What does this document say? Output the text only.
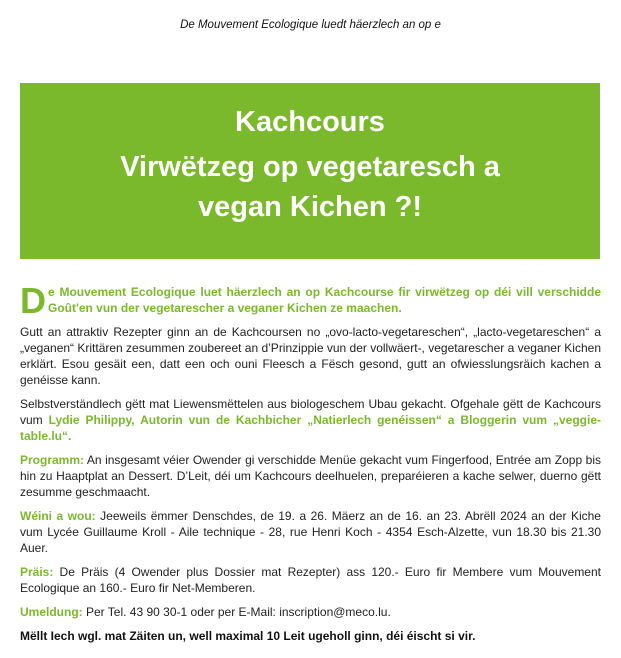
De Mouvement Ecologique luedt häerzlech an op e
Kachcours
Virwëtzeg op vegetaresch a
vegan Kichen ?!

De Mouvement Ecologique luet häerzlech an op Kachcourse fir virwëtzeg op déi vill verschidde Goût'en vun der vegetarescher a veganer Kichen ze maachen.

Gutt an attraktiv Rezepter ginn an de Kachcoursen no „ovo-lacto-vegetareschen“, „lacto-vegetareschen“ a „veganen“ Krittären zesummen zoubereet an d’Prinzippie vun der vollwäert-, vegetarescher a veganer Kichen erklärt. Esou gesäit een, datt een och ouni Fleesch a Fësch gesond, gutt an ofwiesslungsräich kachen a genéisse kann.

Selbstverständlech gëtt mat Liewensmëttelen aus biologeschem Ubau gekacht. Ofgehale gëtt de Kachcours vum Lydie Philippy, Autorin vun de Kachbicher „Natierlech genéissen“ a Bloggerin vum „veggie-table.lu“.

Programm: An insgesamt véier Owender gi verschidde Menüe gekacht vum Fingerfood, Entrée am Zopp bis hin zu Haaptplat an Dessert. D’Leit, déi um Kachcours deelhuelen, preparéieren a kache selwer, duerno gëtt zesumme geschmaacht.

Wéini a wou: Jeeweils ëmmer Denschdes, de 19. a 26. Mäerz an de 16. an 23. Abrëll 2024 an der Kiche vum Lycée Guillaume Kroll - Aile technique - 28, rue Henri Koch - 4354 Esch-Alzette, vun 18.30 bis 21.30 Auer.

Präis: De Präis (4 Owender plus Dossier mat Rezepter) ass 120.- Euro fir Membere vum Mouvement Ecologique an 160.- Euro fir Net-Memberen.

Umeldung: Per Tel. 43 90 30-1 oder per E-Mail: inscription@meco.lu.

Mëllt Iech wgl. mat Zäiten un, well maximal 10 Leit ugeholl ginn, déi éischt si vir.
